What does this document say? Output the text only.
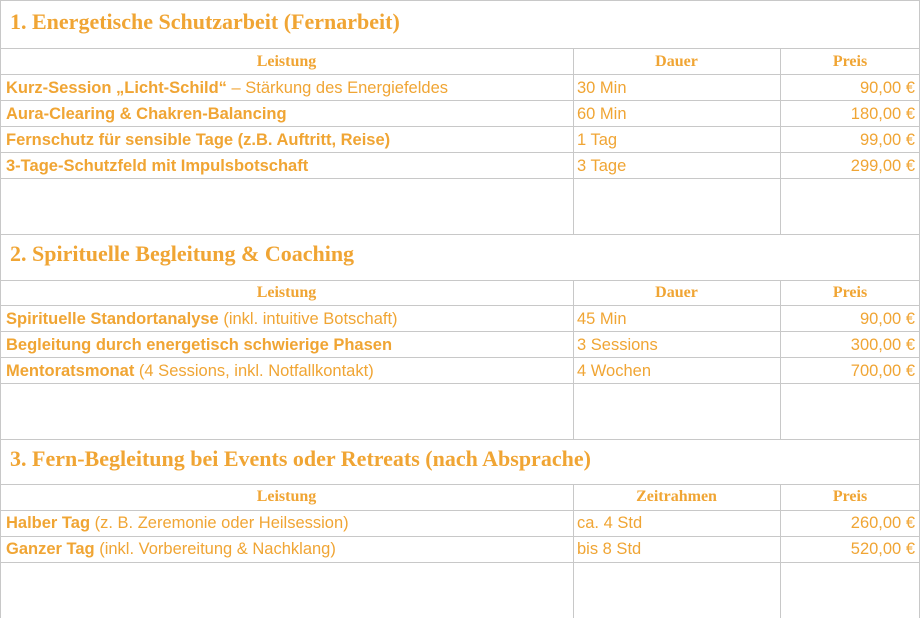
1. Energetische Schutzarbeit (Fernarbeit)
Leistung	Dauer	Preis
Kurz-Session „Licht-Schild“ – Stärkung des Energiefeldes	30 Min	90,00 €
Aura-Clearing & Chakren-Balancing	60 Min	180,00 €
Fernschutz für sensible Tage (z.B. Auftritt, Reise)	1 Tag	99,00 €
3-Tage-Schutzfeld mit Impulsbotschaft	3 Tage	299,00 €
2. Spirituelle Begleitung & Coaching
Leistung	Dauer	Preis
Spirituelle Standortanalyse (inkl. intuitive Botschaft)	45 Min	90,00 €
Begleitung durch energetisch schwierige Phasen	3 Sessions	300,00 €
Mentoratsmonat (4 Sessions, inkl. Notfallkontakt)	4 Wochen	700,00 €
3. Fern-Begleitung bei Events oder Retreats (nach Absprache)
Leistung	Zeitrahmen	Preis
Halber Tag (z. B. Zeremonie oder Heilsession)	ca. 4 Std	260,00 €
Ganzer Tag (inkl. Vorbereitung & Nachklang)	bis 8 Std	520,00 €
